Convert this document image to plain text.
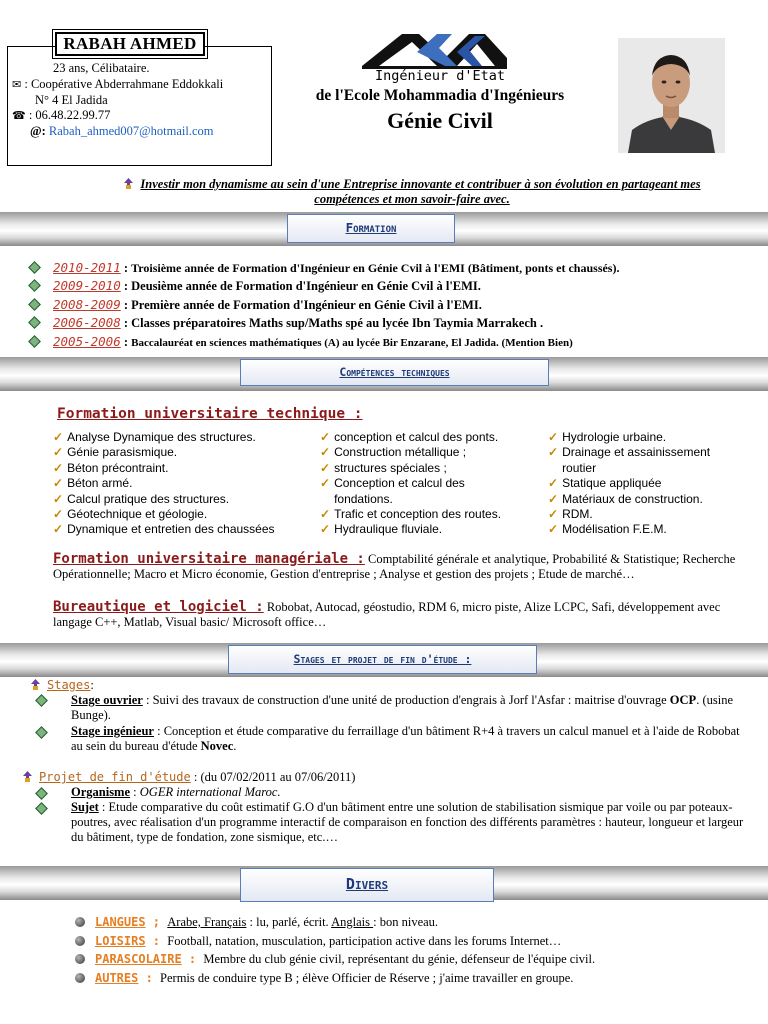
RABAH AHMED
23 ans, Célibataire.
✉ : Coopérative Abderrahmane Eddokkali
N° 4 El Jadida
☎ : 06.48.22.99.77
@: Rabah_ahmed007@hotmail.com
Ingénieur d'Etat
de l'Ecole Mohammadia d'Ingénieurs
Génie Civil
Investir mon dynamisme au sein d'une Entreprise innovante et contribuer à son évolution en partageant mes compétences et mon savoir-faire avec.
Formation
2010-2011 : Troisième année de Formation d'Ingénieur en Génie Cvil à l'EMI (Bâtiment, ponts et chaussés).
2009-2010 : Deusième année de Formation d'Ingénieur en Génie Cvil à l'EMI.
2008-2009 : Première année de Formation d'Ingénieur en Génie Civil à l'EMI.
2006-2008 : Classes préparatoires Maths sup/Maths spé au lycée Ibn Taymia Marrakech .
2005-2006 : Baccalauréat en sciences mathématiques (A) au lycée Bir Enzarane, El Jadida. (Mention Bien)
Compétences techniques
Formation universitaire technique :
✓ Analyse Dynamique des structures.
✓ Génie parasismique.
✓ Béton précontraint.
✓ Béton armé.
✓ Calcul pratique des structures.
✓ Géotechnique et géologie.
✓ Dynamique et entretien des chaussées
✓ conception et calcul des ponts.
✓ Construction métallique ;
✓ structures spéciales ;
✓ Conception et calcul des
fondations.
✓ Trafic et conception des routes.
✓ Hydraulique fluviale.
✓ Hydrologie urbaine.
✓ Drainage et assainissement
routier
✓ Statique appliquée
✓ Matériaux de construction.
✓ RDM.
✓ Modélisation F.E.M.
Formation universitaire managériale : Comptabilité générale et analytique, Probabilité & Statistique; Recherche Opérationnelle; Macro et Micro économie, Gestion d'entreprise ; Analyse et gestion des projets ; Etude de marché…
Bureautique et logiciel : Robobat, Autocad, géostudio, RDM 6, micro piste, Alize LCPC, Safi, développement avec langage C++, Matlab, Visual basic/ Microsoft office…
Stages et projet de fin d'étude :
Stages:
Stage ouvrier : Suivi des travaux de construction d'une unité de production d'engrais à Jorf l'Asfar : maitrise d'ouvrage OCP. (usine Bunge).
Stage ingénieur : Conception et étude comparative du ferraillage d'un bâtiment R+4 à travers un calcul manuel et à l'aide de Robobat au sein du bureau d'étude Novec.
Projet de fin d'étude : (du 07/02/2011 au 07/06/2011)
Organisme : OGER international Maroc.
Sujet : Etude comparative du coût estimatif G.O d'un bâtiment entre une solution de stabilisation sismique par voile ou par poteaux-poutres, avec réalisation d'un programme interactif de comparaison en fonction des différents paramètres : hauteur, longueur et largeur du bâtiment, type de fondation, zone sismique, etc.…
Divers
LANGUES ; Arabe, Français : lu, parlé, écrit. Anglais : bon niveau.
LOISIRS : Football, natation, musculation, participation active dans les forums Internet…
PARASCOLAIRE : Membre du club génie civil, représentant du génie, défenseur de l'équipe civil.
AUTRES : Permis de conduire type B ; élève Officier de Réserve ; j'aime travailler en groupe.
